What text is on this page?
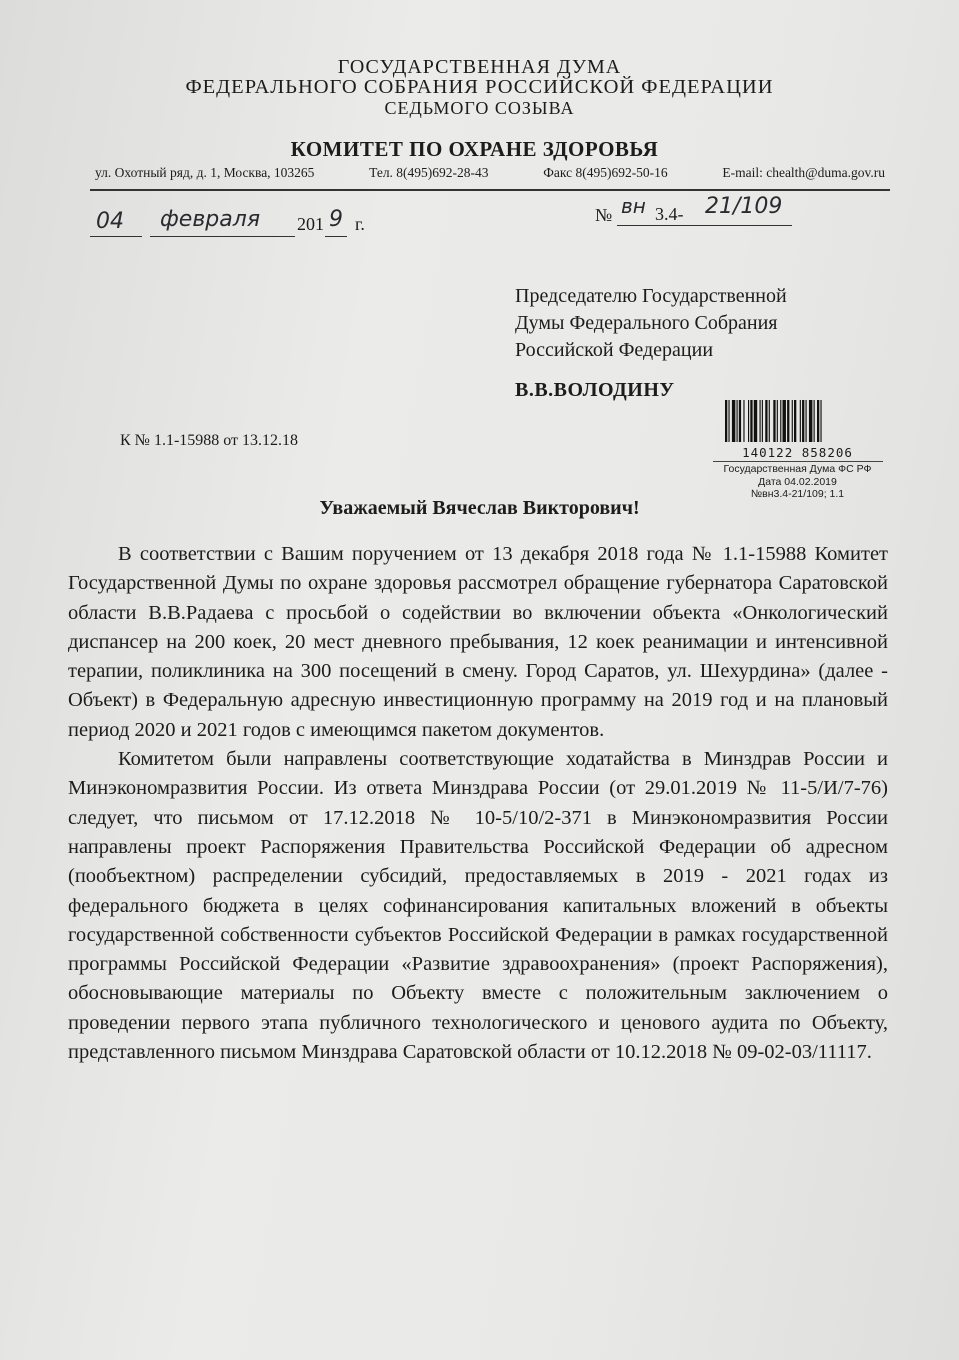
ГОСУДАРСТВЕННАЯ ДУМА
ФЕДЕРАЛЬНОГО СОБРАНИЯ РОССИЙСКОЙ ФЕДЕРАЦИИ
СЕДЬМОГО СОЗЫВА
КОМИТЕТ ПО ОХРАНЕ ЗДОРОВЬЯ
ул. Охотный ряд, д. 1, Москва, 103265	Тел. 8(495)692-28-43	Факс 8(495)692-50-16	E-mail: chealth@duma.gov.ru
04 февраля 201 9 г.	№ вн 3.4- 21/109
Председателю Государственной
Думы Федерального Собрания
Российской Федерации
В.В.ВОЛОДИНУ
К № 1.1-15988 от 13.12.18
140122 858206
Государственная Дума ФС РФ
Дата 04.02.2019
№вн3.4-21/109; 1.1
Уважаемый Вячеслав Викторович!

В соответствии с Вашим поручением от 13 декабря 2018 года № 1.1-15988 Комитет Государственной Думы по охране здоровья рассмотрел обращение губернатора Саратовской области В.В.Радаева с просьбой о содействии во включении объекта «Онкологический диспансер на 200 коек, 20 мест дневного пребывания, 12 коек реанимации и интенсивной терапии, поликлиника на 300 посещений в смену. Город Саратов, ул. Шехурдина» (далее - Объект) в Федеральную адресную инвестиционную программу на 2019 год и на плановый период 2020 и 2021 годов с имеющимся пакетом документов.

Комитетом были направлены соответствующие ходатайства в Минздрав России и Минэкономразвития России. Из ответа Минздрава России (от 29.01.2019 № 11-5/И/7-76) следует, что письмом от 17.12.2018 № 10-5/10/2-371 в Минэкономразвития России направлены проект Распоряжения Правительства Российской Федерации об адресном (пообъектном) распределении субсидий, предоставляемых в 2019 - 2021 годах из федерального бюджета в целях софинансирования капитальных вложений в объекты государственной собственности субъектов Российской Федерации в рамках государственной программы Российской Федерации «Развитие здравоохранения» (проект Распоряжения), обосновывающие материалы по Объекту вместе с положительным заключением о проведении первого этапа публичного технологического и ценового аудита по Объекту, представленного письмом Минздрава Саратовской области от 10.12.2018 № 09-02-03/11117.
